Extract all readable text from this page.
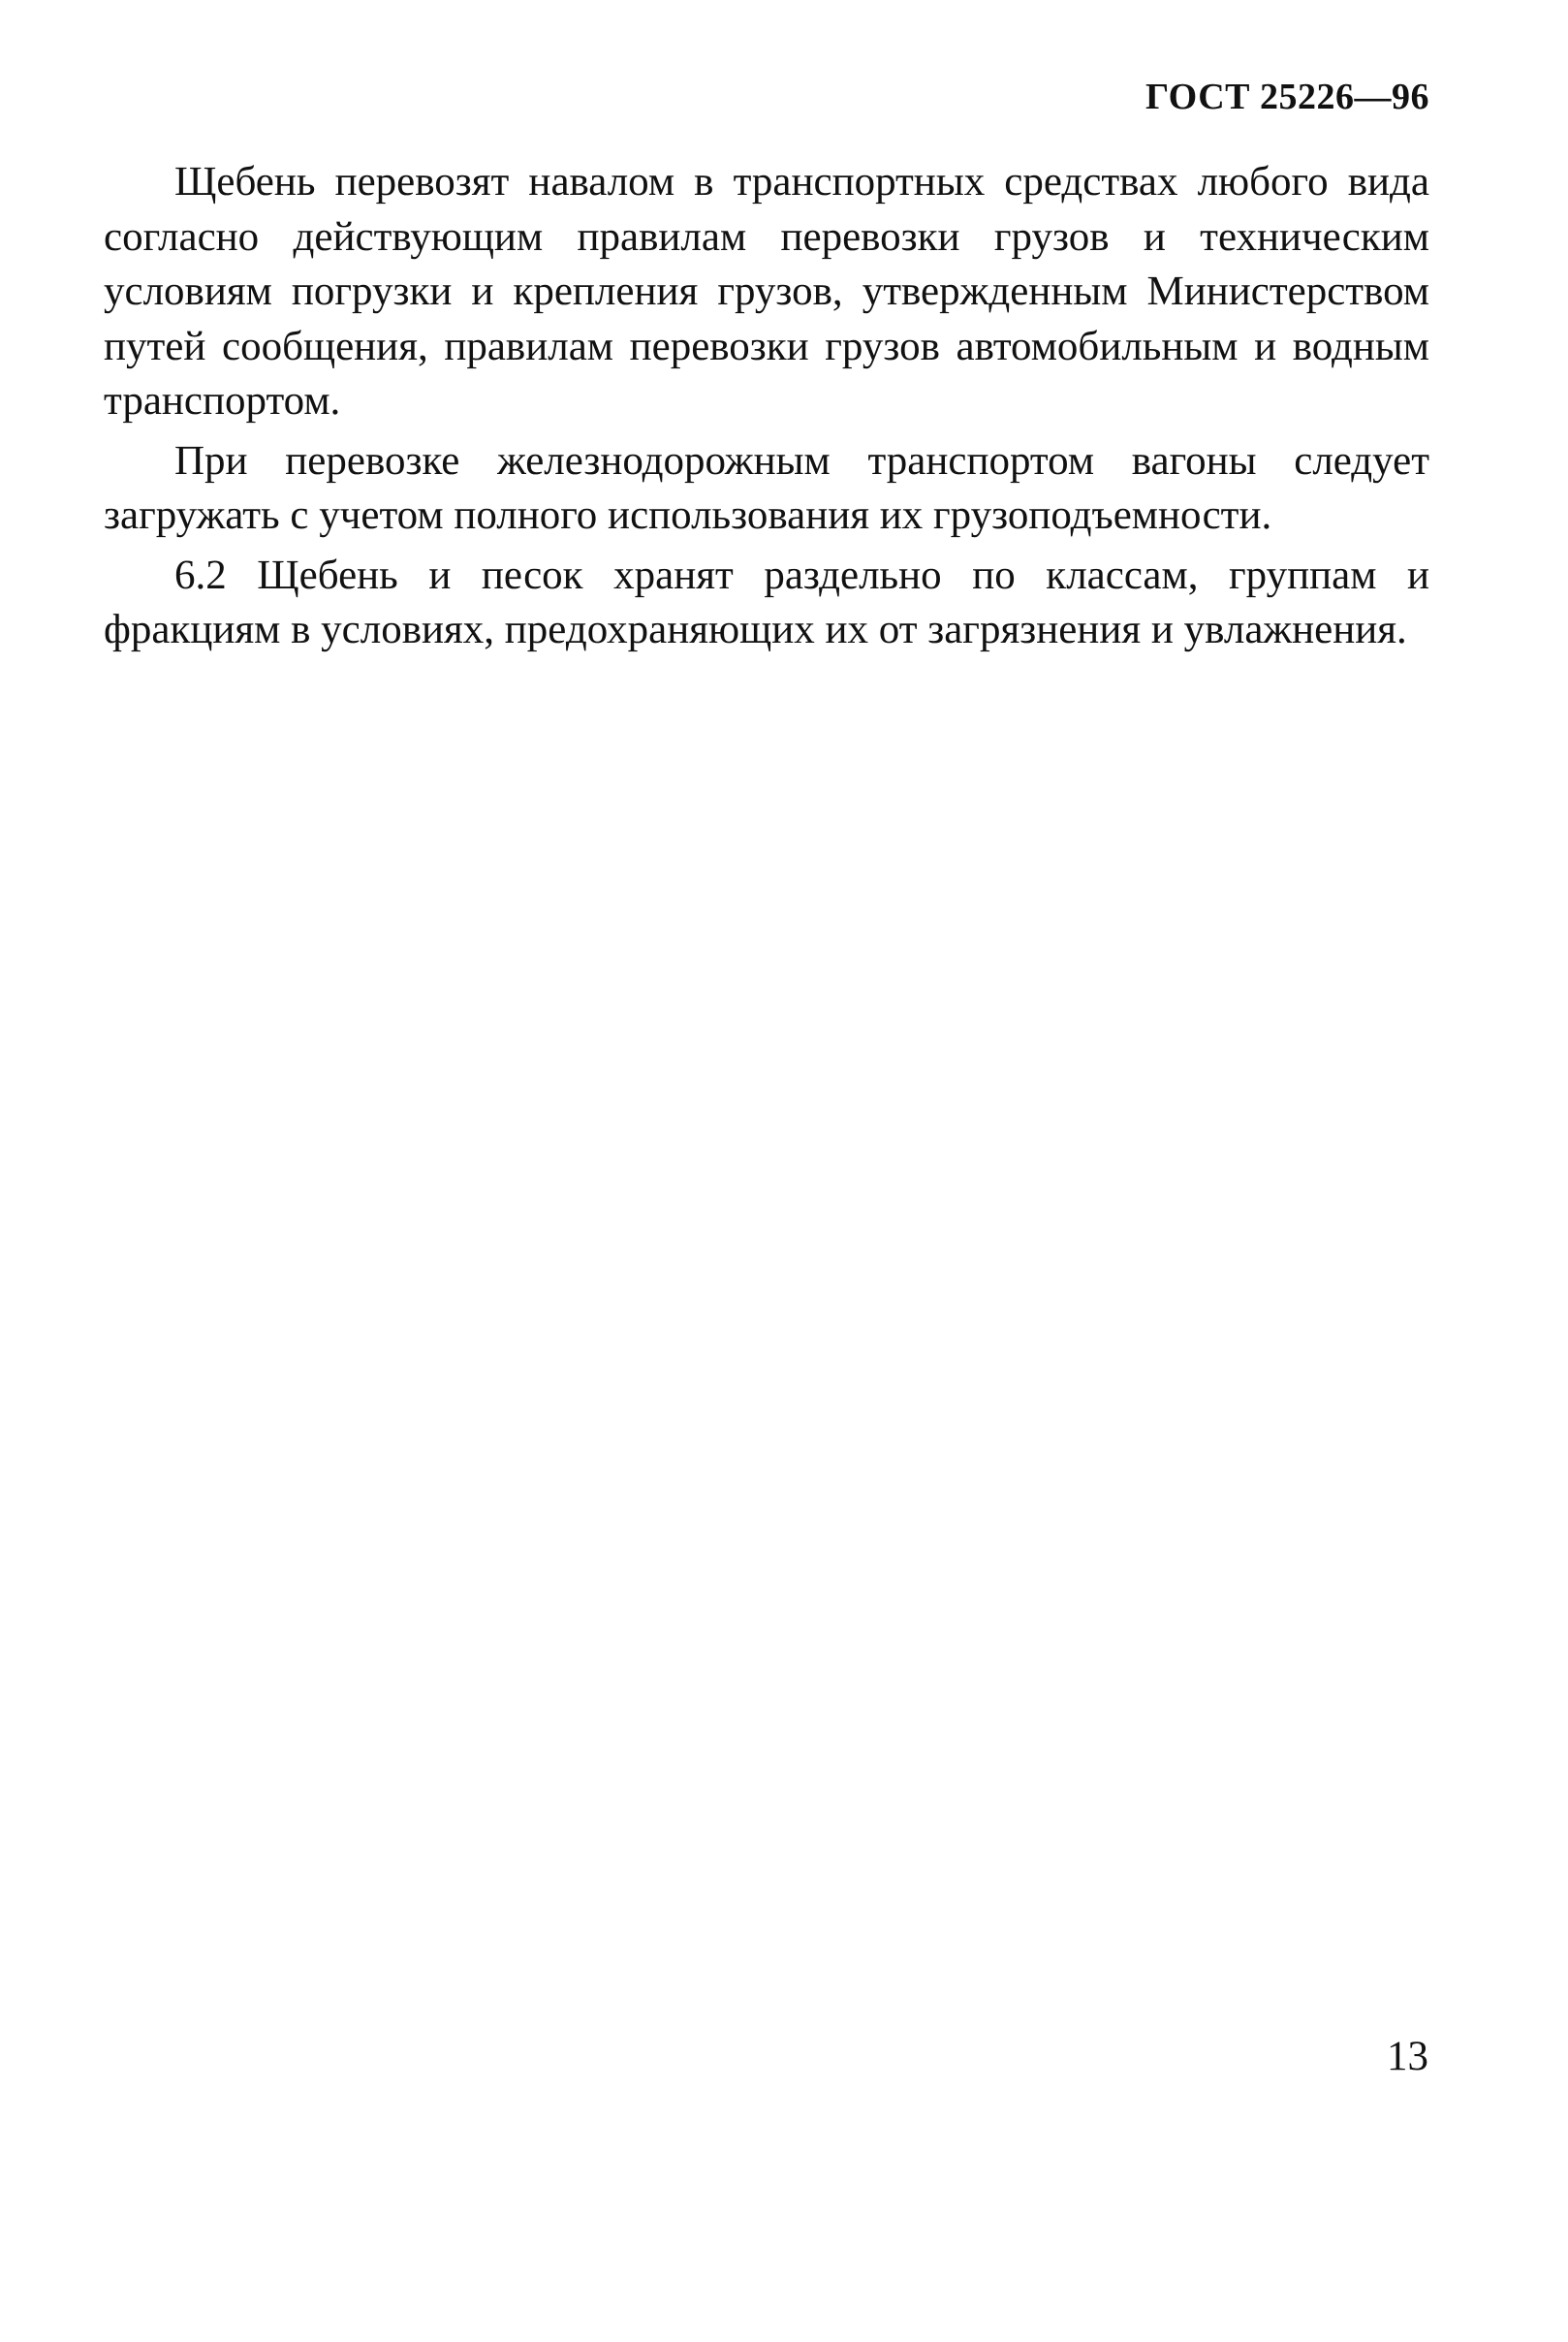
ГОСТ 25226—96

Щебень перевозят навалом в транспортных средствах любого вида согласно действующим правилам перевозки грузов и техническим условиям погрузки и крепления грузов, утвержденным Министерством путей сообщения, правилам перевозки грузов автомобильным и водным транспортом.

При перевозке железнодорожным транспортом вагоны следует загружать с учетом полного использования их грузоподъемности.

6.2 Щебень и песок хранят раздельно по классам, группам и фракциям в условиях, предохраняющих их от загрязнения и увлажнения.

13
